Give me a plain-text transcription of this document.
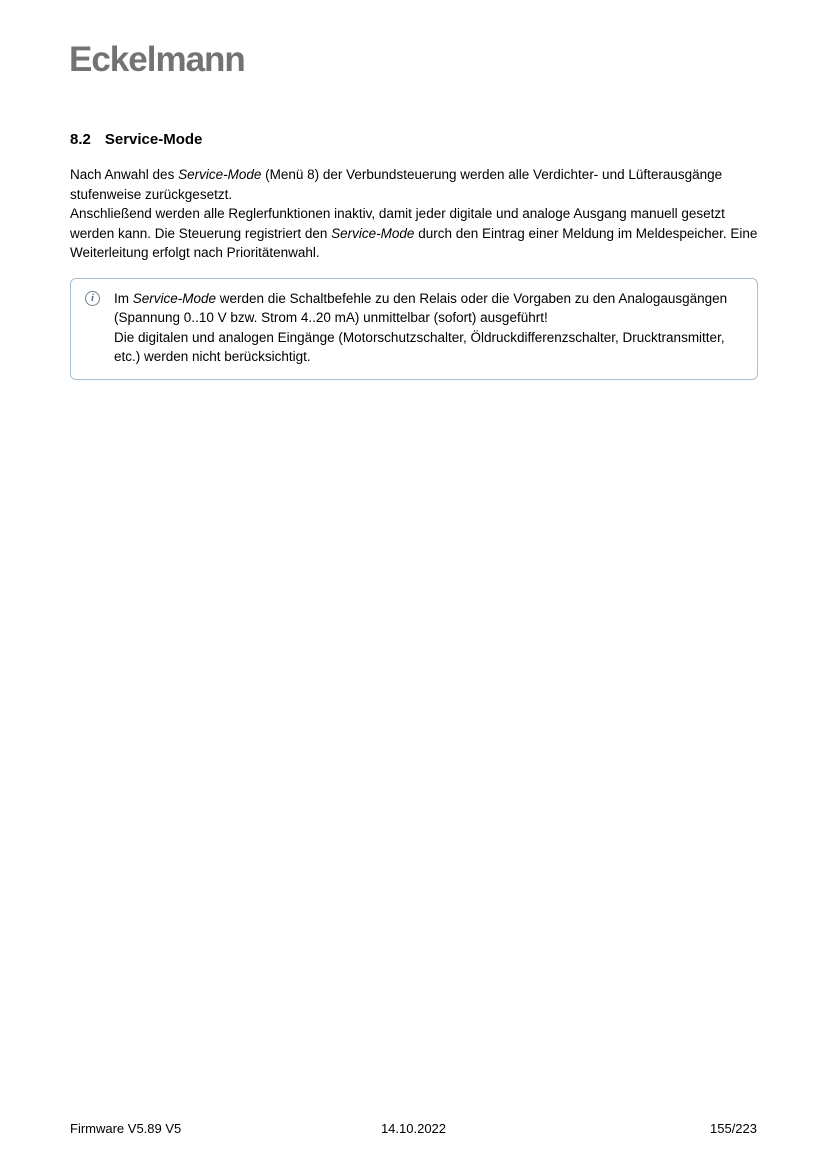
Eckelmann
8.2 Service-Mode

Nach Anwahl des Service-Mode (Menü 8) der Verbundsteuerung werden alle Verdichter- und Lüfterausgänge stufenweise zurückgesetzt.
Anschließend werden alle Reglerfunktionen inaktiv, damit jeder digitale und analoge Ausgang manuell gesetzt werden kann. Die Steuerung registriert den Service-Mode durch den Eintrag einer Meldung im Meldespeicher. Eine Weiterleitung erfolgt nach Prioritätenwahl.

i	Im Service-Mode werden die Schaltbefehle zu den Relais oder die Vorgaben zu den Analogausgängen (Spannung 0..10 V bzw. Strom 4..20 mA) unmittelbar (sofort) ausgeführt!
Die digitalen und analogen Eingänge (Motorschutzschalter, Öldruckdifferenzschalter, Drucktransmitter, etc.) werden nicht berücksichtigt.

Firmware V5.89 V5	14.10.2022	155/223
